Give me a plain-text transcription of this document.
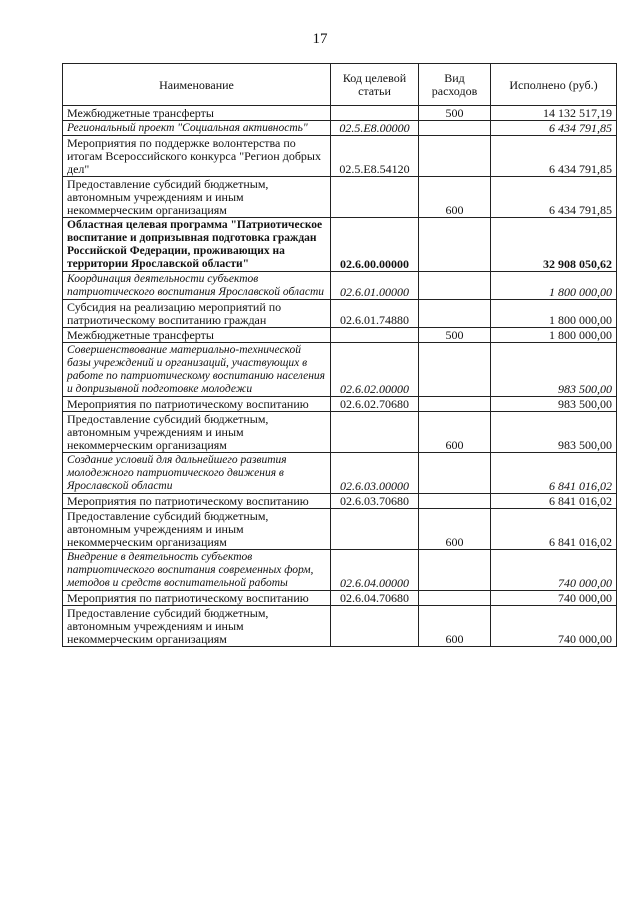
17
Наименование	Код целевой статьи	Вид расходов	Исполнено (руб.)
Межбюджетные трансферты		500	14 132 517,19
Региональный проект "Социальная активность"	02.5.E8.00000		6 434 791,85
Мероприятия по поддержке волонтерства по итогам Всероссийского конкурса "Регион добрых дел"	02.5.E8.54120		6 434 791,85
Предоставление субсидий бюджетным, автономным учреждениям и иным некоммерческим организациям		600	6 434 791,85
Областная целевая программа "Патриотическое воспитание и допризывная подготовка граждан Российской Федерации, проживающих на территории Ярославской области"	02.6.00.00000		32 908 050,62
Координация деятельности субъектов патриотического воспитания Ярославской области	02.6.01.00000		1 800 000,00
Субсидия на реализацию мероприятий по патриотическому воспитанию граждан	02.6.01.74880		1 800 000,00
Межбюджетные трансферты		500	1 800 000,00
Совершенствование материально-технической базы учреждений и организаций, участвующих в работе по патриотическому воспитанию населения и допризывной подготовке молодежи	02.6.02.00000		983 500,00
Мероприятия по патриотическому воспитанию	02.6.02.70680		983 500,00
Предоставление субсидий бюджетным, автономным учреждениям и иным некоммерческим организациям		600	983 500,00
Создание условий для дальнейшего развития молодежного патриотического движения в Ярославской области	02.6.03.00000		6 841 016,02
Мероприятия по патриотическому воспитанию	02.6.03.70680		6 841 016,02
Предоставление субсидий бюджетным, автономным учреждениям и иным некоммерческим организациям		600	6 841 016,02
Внедрение в деятельность субъектов патриотического воспитания современных форм, методов и средств воспитательной работы	02.6.04.00000		740 000,00
Мероприятия по патриотическому воспитанию	02.6.04.70680		740 000,00
Предоставление субсидий бюджетным, автономным учреждениям и иным некоммерческим организациям		600	740 000,00
